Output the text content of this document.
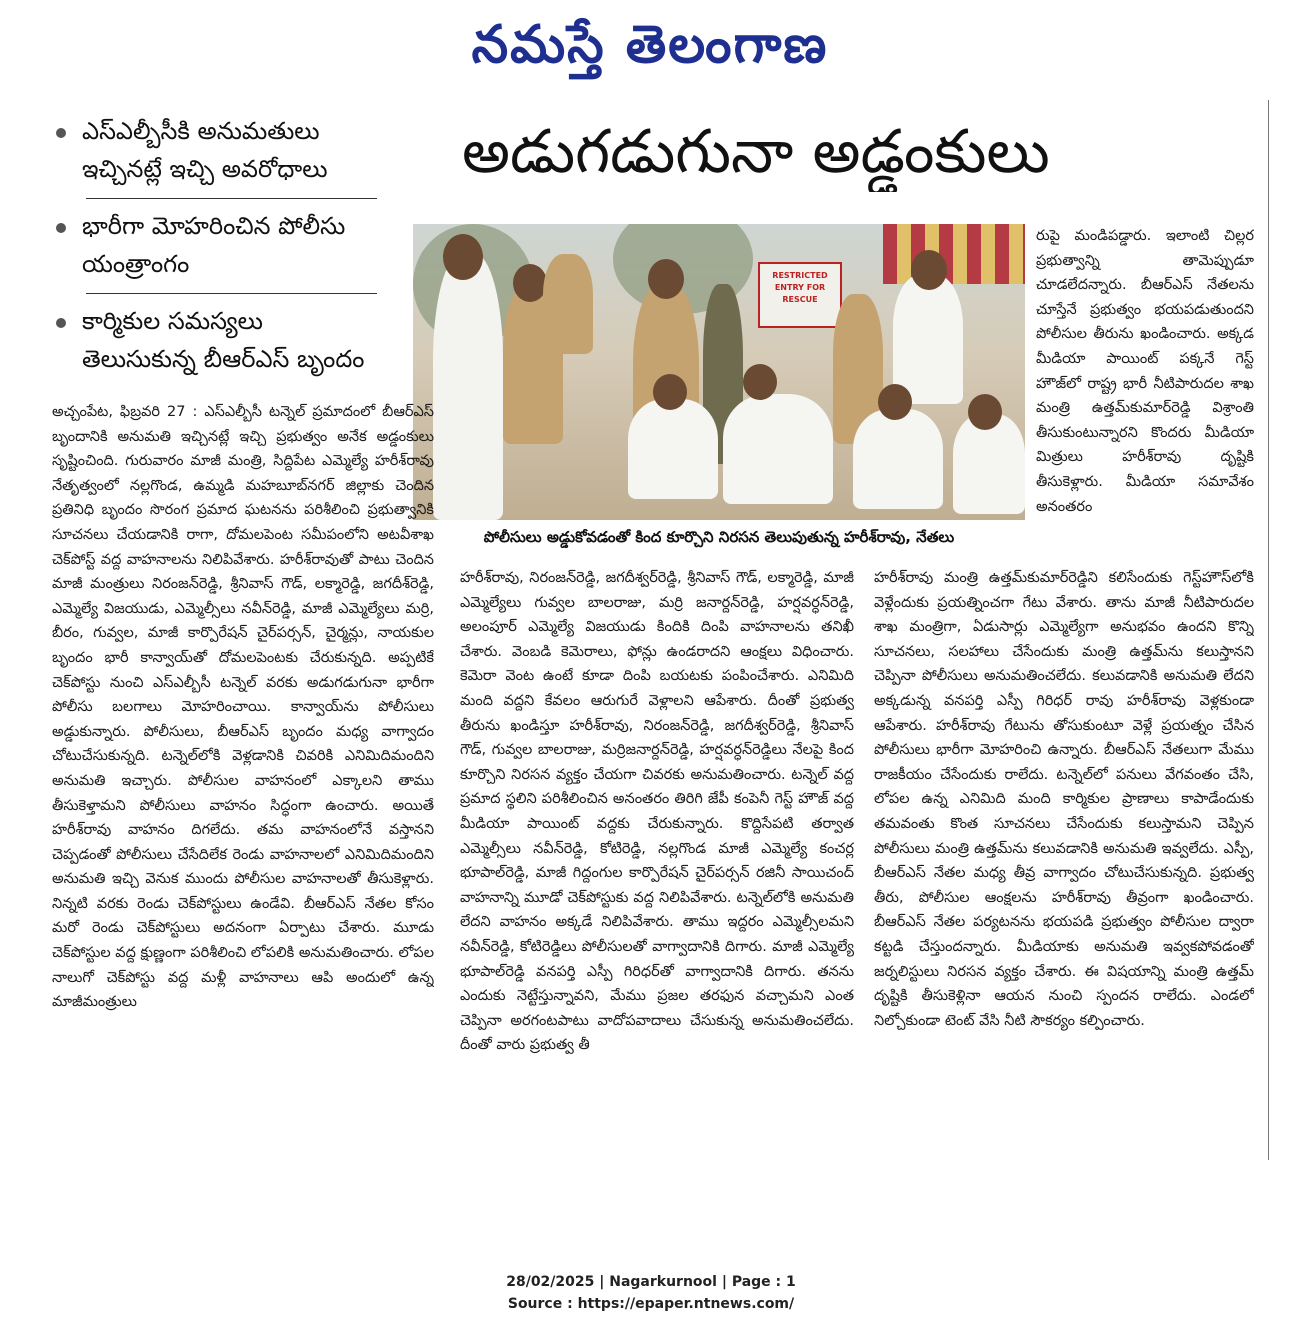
నమస్తే తెలంగాణ
ఎస్ఎల్బీసీకి అనుమతులు ఇచ్చినట్లే ఇచ్చి అవరోధాలు
భారీగా మోహరించిన పోలీసు యంత్రాంగం
కార్మికుల సమస్యలు తెలుసుకున్న బీఆర్ఎస్ బృందం
అడుగడుగునా అడ్డంకులు
RESTRICTED ENTRY FOR RESCUE
పోలీసులు అడ్డుకోవడంతో కింద కూర్చొని నిరసన తెలుపుతున్న హరీశ్‌రావు, నేతలు

రుపై మండిపడ్డారు. ఇలాంటి చిల్లర ప్రభుత్వాన్ని తామెప్పుడూ చూడలేదన్నారు. బీఆర్ఎస్ నేతలను చూస్తేనే ప్రభుత్వం భయపడుతుందని పోలీసుల తీరును ఖండించారు. అక్కడ మీడియా పాయింట్ పక్కనే గెస్ట్ హౌజ్‌లో రాష్ట్ర భారీ నీటిపారుదల శాఖ మంత్రి ఉత్తమ్‌కుమార్‌రెడ్డి విశ్రాంతి తీసుకుంటున్నారని కొందరు మీడియా మిత్రులు హరీశ్‌రావు దృష్టికి తీసుకెళ్లారు. మీడియా సమావేశం అనంతరం

అచ్చంపేట, ఫిబ్రవరి 27 : ఎస్ఎల్బీసీ టన్నెల్ ప్రమాదంలో బీఆర్ఎస్ బృందానికి అనుమతి ఇచ్చినట్లే ఇచ్చి ప్రభుత్వం అనేక అడ్డంకులు సృష్టించింది. గురువారం మాజీ మంత్రి, సిద్దిపేట ఎమ్మెల్యే హరీశ్‌రావు నేతృత్వంలో నల్లగొండ, ఉమ్మడి మహబూబ్‌నగర్ జిల్లాకు చెందిన ప్రతినిధి బృందం సొరంగ ప్రమాద ఘటనను పరిశీలించి ప్రభుత్వానికి సూచనలు చేయడానికి రాగా, దోమలపెంట సమీపంలోని అటవీశాఖ చెక్‌పోస్ట్ వద్ద వాహనాలను నిలిపివేశారు. హరీశ్‌రావుతో పాటు చెందిన మాజీ మంత్రులు నిరంజన్‌రెడ్డి, శ్రీనివాస్ గౌడ్, లక్మారెడ్డి, జగదీశ్‌రెడ్డి, ఎమ్మెల్యే విజయుడు, ఎమ్మెల్సీలు నవీన్‌రెడ్డి, మాజీ ఎమ్మెల్యేలు మర్రి, బీరం, గువ్వల, మాజీ కార్పొరేషన్ చైర్‌పర్సన్, చైర్మన్లు, నాయకుల బృందం భారీ కాన్వాయ్‌తో దోమలపెంటకు చేరుకున్నది. అప్పటికే చెక్‌పోస్టు నుంచి ఎస్ఎల్బీసీ టన్నెల్ వరకు అడుగడుగునా భారీగా పోలీసు బలగాలు మోహరించాయి. కాన్వాయ్‌ను పోలీసులు అడ్డుకున్నారు. పోలీసులు, బీఆర్ఎస్ బృందం మధ్య వాగ్వాదం చోటుచేసుకున్నది. టన్నెల్‌లోకి వెళ్లడానికి చివరికి ఎనిమిదిమందిని అనుమతి ఇచ్చారు. పోలీసుల వాహనంలో ఎక్కాలని తాము తీసుకెళ్తామని పోలీసులు వాహనం సిద్ధంగా ఉంచారు. అయితే హరీశ్‌రావు వాహనం దిగలేదు. తమ వాహనంలోనే వస్తానని చెప్పడంతో పోలీసులు చేసేదిలేక రెండు వాహనాలలో ఎనిమిదిమందిని అనుమతి ఇచ్చి వెనుక ముందు పోలీసుల వాహనాలతో తీసుకెళ్లారు. నిన్నటి వరకు రెండు చెక్‌పోస్టులు ఉండేవి. బీఆర్ఎస్ నేతల కోసం మరో రెండు చెక్‌పోస్టులు అదనంగా ఏర్పాటు చేశారు. మూడు చెక్‌పోస్టుల వద్ద క్షుణ్ణంగా పరిశీలించి లోపలికి అనుమతించారు. లోపల నాలుగో చెక్‌పోస్టు వద్ద మళ్లీ వాహనాలు ఆపి అందులో ఉన్న మాజీమంత్రులు

హరీశ్‌రావు, నిరంజన్‌రెడ్డి, జగదీశ్వర్‌రెడ్డి, శ్రీనివాస్ గౌడ్, లక్మారెడ్డి, మాజీ ఎమ్మెల్యేలు గువ్వల బాలరాజు, మర్రి జనార్దన్‌రెడ్డి, హర్షవర్ధన్‌రెడ్డి, అలంపూర్ ఎమ్మెల్యే విజయుడు కిందికి దింపి వాహనాలను తనిఖీ చేశారు. వెంబడి కెమెరాలు, ఫోన్లు ఉండరాదని ఆంక్షలు విధించారు. కెమెరా వెంట ఉంటే కూడా దింపి బయటకు పంపించేశారు. ఎనిమిది మంది వద్దని కేవలం ఆరుగురే వెళ్లాలని ఆపేశారు. దీంతో ప్రభుత్వ తీరును ఖండిస్తూ హరీశ్‌రావు, నిరంజన్‌రెడ్డి, జగదీశ్వర్‌రెడ్డి, శ్రీనివాస్ గౌడ్, గువ్వల బాలరాజు, మర్రిజనార్దన్‌రెడ్డి, హర్షవర్ధన్‌రెడ్డిలు నేలపై కింద కూర్చొని నిరసన వ్యక్తం చేయగా చివరకు అనుమతించారు. టన్నెల్ వద్ద ప్రమాద స్థలిని పరిశీలించిన అనంతరం తిరిగి జేపీ కంపెనీ గెస్ట్ హౌజ్ వద్ద మీడియా పాయింట్ వద్దకు చేరుకున్నారు. కొద్దిసేపటి తర్వాత ఎమ్మెల్సీలు నవీన్‌రెడ్డి, కోటిరెడ్డి, నల్లగొండ మాజీ ఎమ్మెల్యే కంచర్ల భూపాల్‌రెడ్డి, మాజీ గిద్దంగుల కార్పొరేషన్ చైర్‌పర్సన్ రజినీ సాయిచంద్ వాహనాన్ని మూడో చెక్‌పోస్టుకు వద్ద నిలిపివేశారు. టన్నెల్‌లోకి అనుమతి లేదని వాహనం అక్కడే నిలిపివేశారు. తాము ఇద్దరం ఎమ్మెల్సీలమని నవీన్‌రెడ్డి, కోటిరెడ్డిలు పోలీసులతో వాగ్వాదానికి దిగారు. మాజీ ఎమ్మెల్యే భూపాల్‌రెడ్డి వనపర్తి ఎస్పీ గిరిధర్‌తో వాగ్వాదానికి దిగారు. తనను ఎందుకు నెట్టేస్తున్నావని, మేము ప్రజల తరఫున వచ్చామని ఎంత చెప్పినా అరగంటపాటు వాదోపవాదాలు చేసుకున్న అనుమతించలేదు. దీంతో వారు ప్రభుత్వ తీ

హరీశ్‌రావు మంత్రి ఉత్తమ్‌కుమార్‌రెడ్డిని కలిసేందుకు గెస్ట్‌హౌస్‌లోకి వెళ్లేందుకు ప్రయత్నించగా గేటు వేశారు. తాను మాజీ నీటిపారుదల శాఖ మంత్రిగా, ఏడుసార్లు ఎమ్మెల్యేగా అనుభవం ఉందని కొన్ని సూచనలు, సలహాలు చేసేందుకు మంత్రి ఉత్తమ్‌ను కలుస్తానని చెప్పినా పోలీసులు అనుమతించలేదు. కలువడానికి అనుమతి లేదని అక్కడున్న వనపర్తి ఎస్పీ గిరిధర్ రావు హరీశ్‌రావు వెళ్లకుండా ఆపేశారు. హరీశ్‌రావు గేటును తోసుకుంటూ వెళ్లే ప్రయత్నం చేసిన పోలీసులు భారీగా మోహరించి ఉన్నారు. బీఆర్ఎస్ నేతలుగా మేము రాజకీయం చేసేందుకు రాలేదు. టన్నెల్‌లో పనులు వేగవంతం చేసి, లోపల ఉన్న ఎనిమిది మంది కార్మికుల ప్రాణాలు కాపాడేందుకు తమవంతు కొంత సూచనలు చేసేందుకు కలుస్తామని చెప్పిన పోలీసులు మంత్రి ఉత్తమ్‌ను కలువడానికి అనుమతి ఇవ్వలేదు. ఎస్పీ, బీఆర్ఎస్ నేతల మధ్య తీవ్ర వాగ్వాదం చోటుచేసుకున్నది. ప్రభుత్వ తీరు, పోలీసుల ఆంక్షలను హరీశ్‌రావు తీవ్రంగా ఖండించారు. బీఆర్ఎస్ నేతల పర్యటనను భయపడి ప్రభుత్వం పోలీసుల ద్వారా కట్టడి చేస్తుందన్నారు. మీడియాకు అనుమతి ఇవ్వకపోవడంతో జర్నలిస్టులు నిరసన వ్యక్తం చేశారు. ఈ విషయాన్ని మంత్రి ఉత్తమ్ దృష్టికి తీసుకెళ్లినా ఆయన నుంచి స్పందన రాలేదు. ఎండలో నిల్చోకుండా టెంట్ వేసి నీటి సౌకర్యం కల్పించారు.

28/02/2025 | Nagarkurnool | Page : 1
Source : https://epaper.ntnews.com/
